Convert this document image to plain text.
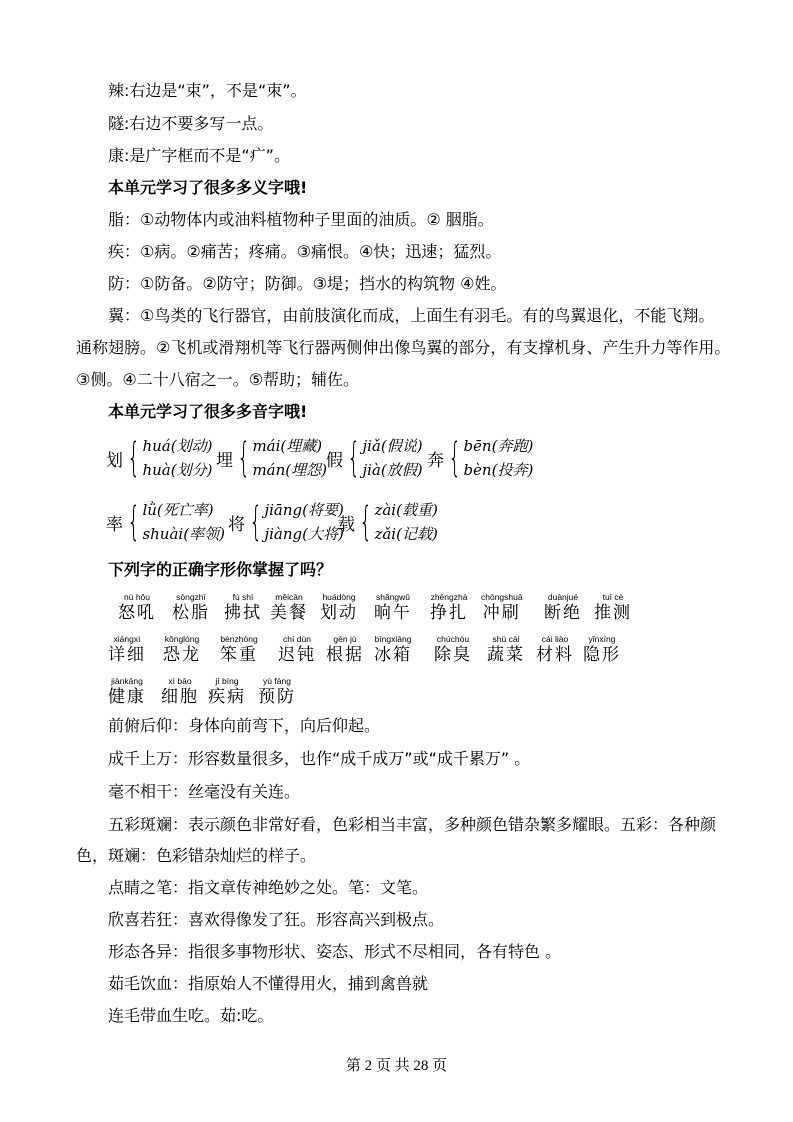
辣:右边是“束”，不是“朿”。
隧:右边不要多写一点。
康:是广字框而不是“疒”。
本单元学习了很多多义字哦!
脂：①动物体内或油料植物种子里面的油质。② 胭脂。
疾：①病。②痛苦；疼痛。③痛恨。④快；迅速；猛烈。
防：①防备。②防守；防御。③堤；挡水的构筑物 ④姓。
翼：①鸟类的飞行器官，由前肢演化而成，上面生有羽毛。有的鸟翼退化，不能飞翔。
通称翅膀。②飞机或滑翔机等飞行器两侧伸出像鸟翼的部分，有支撑机身、产生升力等作用。
③侧。④二十八宿之一。⑤帮助；辅佐。
本单元学习了很多多音字哦!
划 { huá(划动)
huà(划分) 埋 { mái(埋藏)
mán(埋怨) 假 { jiǎ(假说)
jià(放假) 奔 { bēn(奔跑)
bèn(投奔)
率 { lǜ(死亡率)
shuài(率领) 将 { jiāng(将要)
jiàng(大将)
载 { zài(载重)
zǎi(记载)
下列字的正确字形你掌握了吗？
nù hǒu
怒吼
sōngzhī
松脂
fú shì
拂拭
měicān
美餐
huádòng
划动
shǎngwǔ
晌午
zhēngzhá
挣扎
chōngshuā
冲刷
duànjué
断绝
tuī cè
推测
xiángxì
详细
kǒnglóng
恐龙
bènzhòng
笨重
chí dùn
迟钝
gēn jù
根据
bīngxiāng
冰箱
chúchòu
除臭
shū cài
蔬菜
cái liào
材料
yǐnxíng
隐形
jiànkāng
健康
xì bāo
细胞
jí bìng
疾病
yù fáng
预防
前俯后仰：身体向前弯下，向后仰起。
成千上万：形容数量很多，也作“成千成万”或“成千累万” 。
毫不相干：丝毫没有关连。
五彩斑斓：表示颜色非常好看，色彩相当丰富，多种颜色错杂繁多耀眼。五彩：各种颜
色，斑斓：色彩错杂灿烂的样子。
点睛之笔：指文章传神绝妙之处。笔：文笔。
欣喜若狂：喜欢得像发了狂。形容高兴到极点。
形态各异：指很多事物形状、姿态、形式不尽相同，各有特色 。
茹毛饮血：指原始人不懂得用火，捕到禽兽就
连毛带血生吃。茹:吃。
第 2 页 共 28 页
